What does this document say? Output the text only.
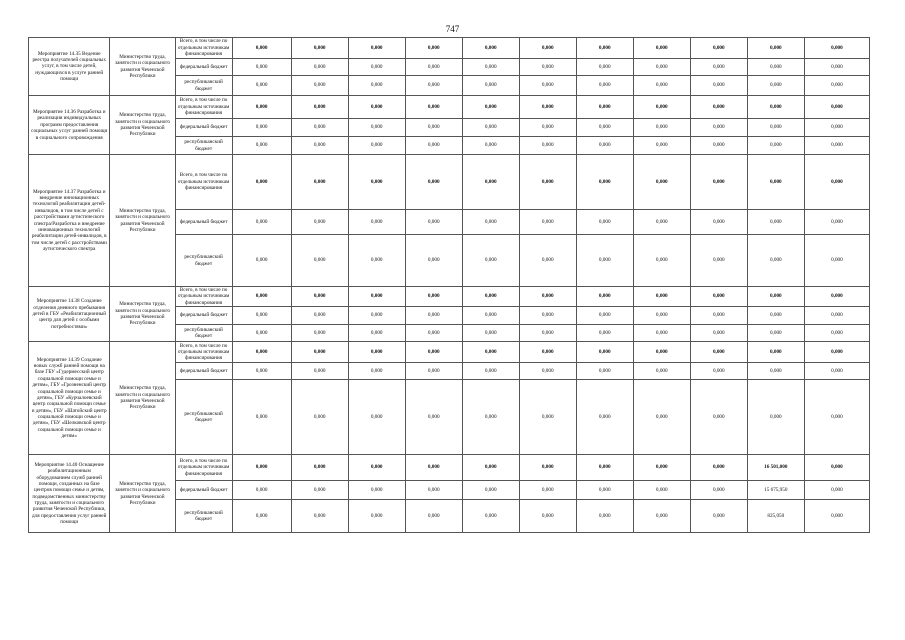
747
Мероприятие 14.35 Ведение реестра получателей социальных услуг, в том числе детей, нуждающихся в услуге ранней помощи	Министерство труда, занятости и социального развития Чеченской Республики	Всего, в том числе по отдельным источникам финансирования	0,000	0,000	0,000	0,000	0,000	0,000	0,000	0,000	0,000	0,000	0,000
		федеральный бюджет	0,000	0,000	0,000	0,000	0,000	0,000	0,000	0,000	0,000	0,000	0,000
		республиканский бюджет	0,000	0,000	0,000	0,000	0,000	0,000	0,000	0,000	0,000	0,000	0,000
Мероприятие 14.36 Разработка и реализация индивидуальных программ предоставления социальных услуг ранней помощи в социального сопровождения	Министерство труда, занятости и социального развития Чеченской Республики	Всего, в том числе по отдельным источникам финансирования	0,000	0,000	0,000	0,000	0,000	0,000	0,000	0,000	0,000	0,000	0,000
		федеральный бюджет	0,000	0,000	0,000	0,000	0,000	0,000	0,000	0,000	0,000	0,000	0,000
		республиканский бюджет	0,000	0,000	0,000	0,000	0,000	0,000	0,000	0,000	0,000	0,000	0,000
Мероприятие 14.37 Разработка и внедрение инновационных технологий реабилитации детей-инвалидов, в том числе детей с расстройствами аутистического спектра/Разработка и внедрение инновационных технологий реабилитации детей-инвалидов, в том числе детей с расстройствами аутистического спектра	Министерство труда, занятости и социального развития Чеченской Республики	Всего, в том числе по отдельным источникам финансирования	0,000	0,000	0,000	0,000	0,000	0,000	0,000	0,000	0,000	0,000	0,000
		федеральный бюджет	0,000	0,000	0,000	0,000	0,000	0,000	0,000	0,000	0,000	0,000	0,000
		республиканский бюджет	0,000	0,000	0,000	0,000	0,000	0,000	0,000	0,000	0,000	0,000	0,000
Мероприятие 14.38 Создание отделения дневного пребывания детей в ГБУ «Реабилитационный центр для детей с особыми потребностями»	Министерство труда, занятости и социального развития Чеченской Республики	Всего, в том числе по отдельным источникам финансирования	0,000	0,000	0,000	0,000	0,000	0,000	0,000	0,000	0,000	0,000	0,000
		федеральный бюджет	0,000	0,000	0,000	0,000	0,000	0,000	0,000	0,000	0,000	0,000	0,000
		республиканский бюджет	0,000	0,000	0,000	0,000	0,000	0,000	0,000	0,000	0,000	0,000	0,000
Мероприятие 14.39 Создание новых служб ранней помощи на базе ГБУ «Гудермесский центр социальной помощи семье и детям», ГБУ «Грозненский центр социальной помощи семье и детям», ГБУ «Курчалоевский центр социальной помощи семье и детям», ГБУ «Шатойский центр социальной помощи семье и детям», ГБУ «Шелковской центр социальной помощи семье и детям»	Министерство труда, занятости и социального развития Чеченской Республики	Всего, в том числе по отдельным источникам финансирования	0,000	0,000	0,000	0,000	0,000	0,000	0,000	0,000	0,000	0,000	0,000
		федеральный бюджет	0,000	0,000	0,000	0,000	0,000	0,000	0,000	0,000	0,000	0,000	0,000
		республиканский бюджет	0,000	0,000	0,000	0,000	0,000	0,000	0,000	0,000	0,000	0,000	0,000
Мероприятие 14.40 Оснащение реабилитационным оборудованием служб ранней помощи, созданных на базе центров помощи семье и детям, подведомственных министерству труда, занятости и социального развития Чеченской Республики, для предоставления услуг ранней помощи	Министерство труда, занятости и социального развития Чеченской Республики	Всего, в том числе по отдельным источникам финансирования	0,000	0,000	0,000	0,000	0,000	0,000	0,000	0,000	0,000	16 501,000	0,000
		федеральный бюджет	0,000	0,000	0,000	0,000	0,000	0,000	0,000	0,000	0,000	15 675,950	0,000
		республиканский бюджет	0,000	0,000	0,000	0,000	0,000	0,000	0,000	0,000	0,000	825,050	0,000
